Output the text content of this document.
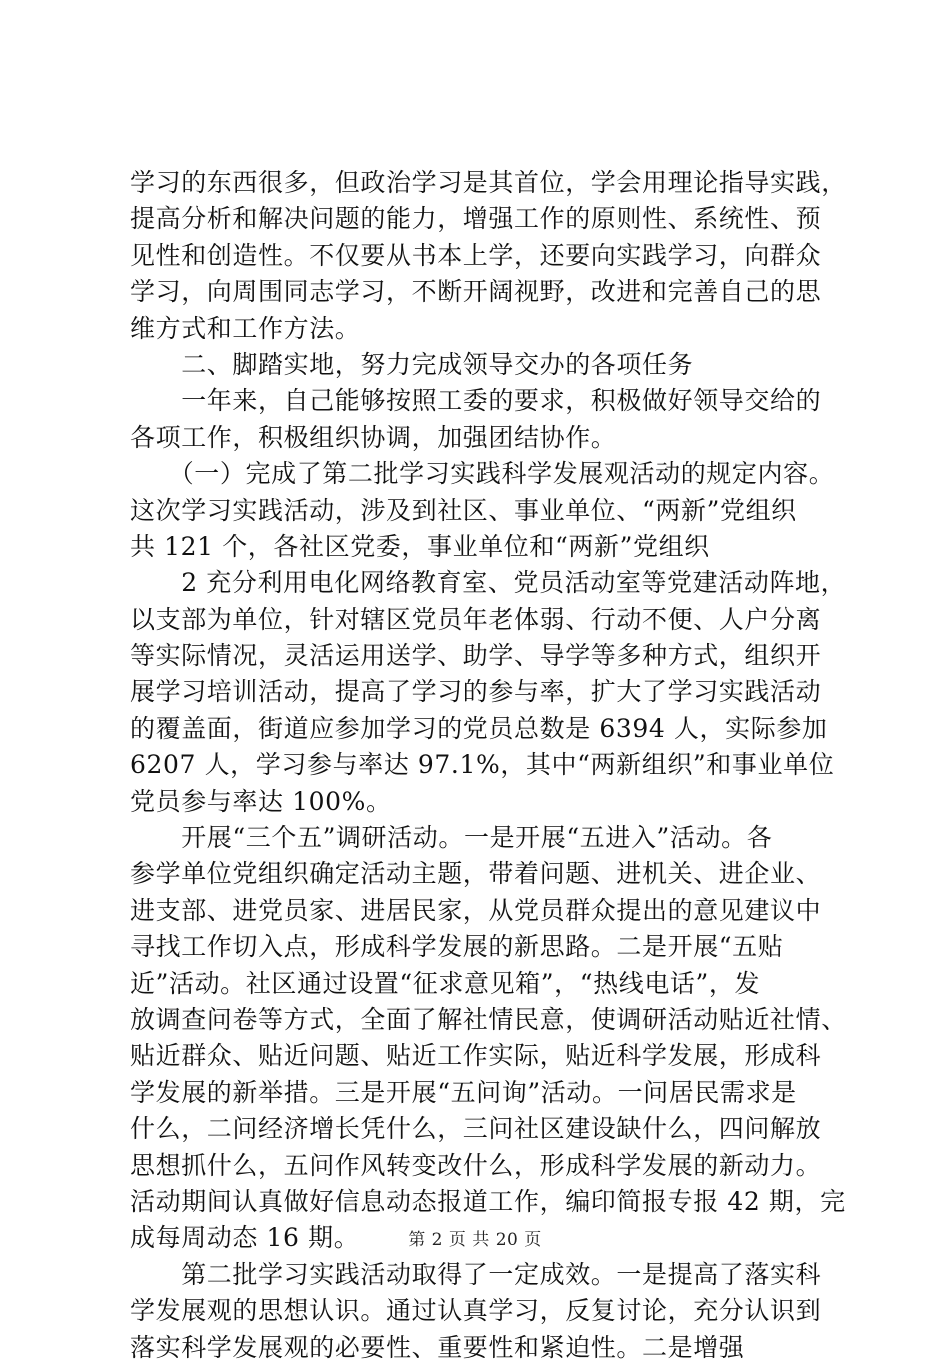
学习的东西很多，但政治学习是其首位，学会用理论指导实践，
提高分析和解决问题的能力，增强工作的原则性、系统性、预
见性和创造性。不仅要从书本上学，还要向实践学习，向群众
学习，向周围同志学习，不断开阔视野，改进和完善自己的思
维方式和工作方法。
　　二、脚踏实地，努力完成领导交办的各项任务
　　一年来，自己能够按照工委的要求，积极做好领导交给的
各项工作，积极组织协调，加强团结协作。
　　（一）完成了第二批学习实践科学发展观活动的规定内容。
这次学习实践活动，涉及到社区、事业单位、“两新”党组织
共 121 个，各社区党委，事业单位和“两新”党组织
　　2 充分利用电化网络教育室、党员活动室等党建活动阵地，
以支部为单位，针对辖区党员年老体弱、行动不便、人户分离
等实际情况，灵活运用送学、助学、导学等多种方式，组织开
展学习培训活动，提高了学习的参与率，扩大了学习实践活动
的覆盖面，街道应参加学习的党员总数是 6394 人，实际参加
6207 人，学习参与率达 97.1%，其中“两新组织”和事业单位
党员参与率达 100%。
　　开展“三个五”调研活动。一是开展“五进入”活动。各
参学单位党组织确定活动主题，带着问题、进机关、进企业、
进支部、进党员家、进居民家，从党员群众提出的意见建议中
寻找工作切入点，形成科学发展的新思路。二是开展“五贴
近”活动。社区通过设置“征求意见箱”，“热线电话”，发
放调查问卷等方式，全面了解社情民意，使调研活动贴近社情、
贴近群众、贴近问题、贴近工作实际，贴近科学发展，形成科
学发展的新举措。三是开展“五问询”活动。一问居民需求是
什么，二问经济增长凭什么，三问社区建设缺什么，四问解放
思想抓什么，五问作风转变改什么，形成科学发展的新动力。
活动期间认真做好信息动态报道工作，编印简报专报 42 期，完
成每周动态 16 期。
　　第二批学习实践活动取得了一定成效。一是提高了落实科
学发展观的思想认识。通过认真学习，反复讨论，充分认识到
落实科学发展观的必要性、重要性和紧迫性。二是增强
第 2 页 共 20 页
